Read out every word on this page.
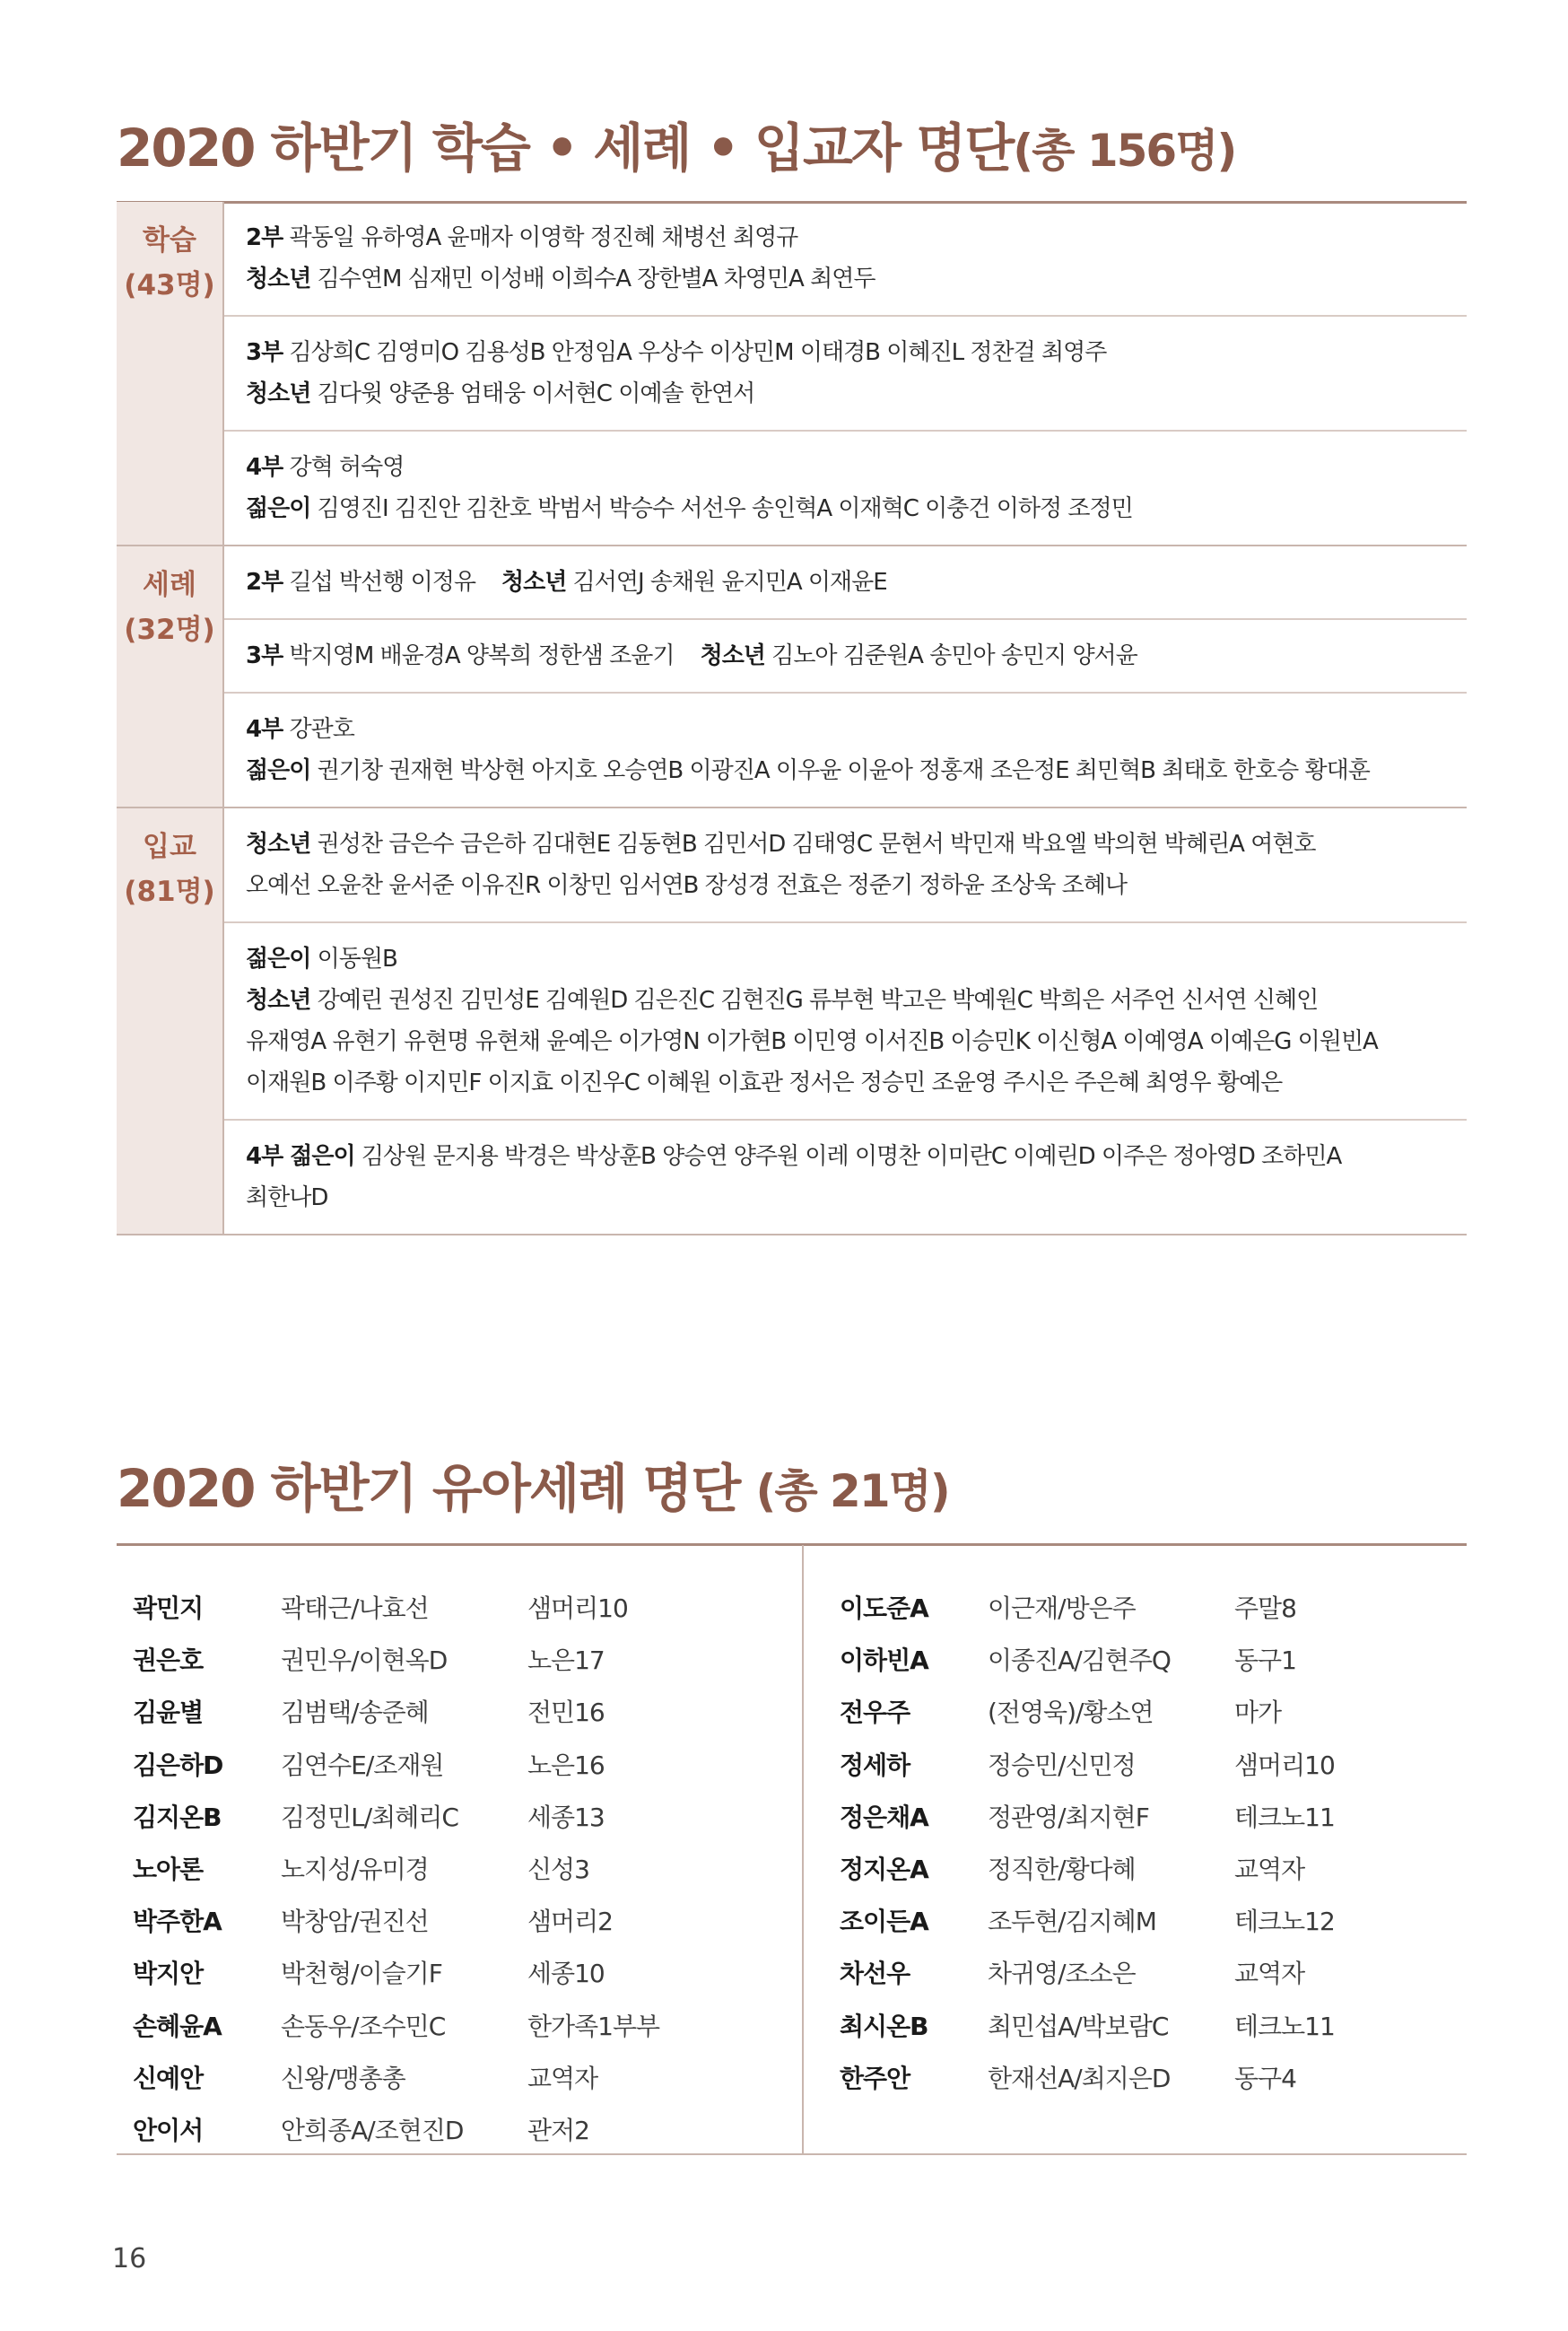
2020 하반기 학습 • 세례 • 입교자 명단(총 156명)
학습
(43명)
2부 곽동일 유하영A 윤매자 이영학 정진혜 채병선 최영규
청소년 김수연M 심재민 이성배 이희수A 장한별A 차영민A 최연두
3부 김상희C 김영미O 김용성B 안정임A 우상수 이상민M 이태경B 이혜진L 정찬걸 최영주
청소년 김다윗 양준용 엄태웅 이서현C 이예솔 한연서
4부 강혁 허숙영
젊은이 김영진I 김진안 김찬호 박범서 박승수 서선우 송인혁A 이재혁C 이충건 이하정 조정민
세례
(32명)
2부 길섭 박선행 이정유 청소년 김서연J 송채원 윤지민A 이재윤E
3부 박지영M 배윤경A 양복희 정한샘 조윤기 청소년 김노아 김준원A 송민아 송민지 양서윤
4부 강관호
젊은이 권기창 권재현 박상현 아지호 오승연B 이광진A 이우윤 이윤아 정홍재 조은정E 최민혁B 최태호 한호승 황대훈
입교
(81명)
청소년 권성찬 금은수 금은하 김대현E 김동현B 김민서D 김태영C 문현서 박민재 박요엘 박의현 박혜린A 여현호
오예선 오윤찬 윤서준 이유진R 이창민 임서연B 장성경 전효은 정준기 정하윤 조상욱 조혜나
젊은이 이동원B
청소년 강예린 권성진 김민성E 김예원D 김은진C 김현진G 류부현 박고은 박예원C 박희은 서주언 신서연 신혜인
유재영A 유현기 유현명 유현채 윤예은 이가영N 이가현B 이민영 이서진B 이승민K 이신형A 이예영A 이예은G 이원빈A
이재원B 이주황 이지민F 이지효 이진우C 이혜원 이효관 정서은 정승민 조윤영 주시은 주은혜 최영우 황예은
4부 젊은이 김상원 문지용 박경은 박상훈B 양승연 양주원 이레 이명찬 이미란C 이예린D 이주은 정아영D 조하민A
최한나D
2020 하반기 유아세례 명단 (총 21명)
곽민지	곽태근/나효선	샘머리10
권은호	권민우/이현옥D	노은17
김윤별	김범택/송준혜	전민16
김은하D	김연수E/조재원	노은16
김지온B	김정민L/최혜리C	세종13
노아론	노지성/유미경	신성3
박주한A	박창암/권진선	샘머리2
박지안	박천형/이슬기F	세종10
손혜윤A	손동우/조수민C	한가족1부부
신예안	신왕/맹총총	교역자
안이서	안희종A/조현진D	관저2
이도준A	이근재/방은주	주말8
이하빈A	이종진A/김현주Q	동구1
전우주	(전영욱)/황소연	마가
정세하	정승민/신민정	샘머리10
정은채A	정관영/최지현F	테크노11
정지온A	정직한/황다혜	교역자
조이든A	조두현/김지혜M	테크노12
차선우	차귀영/조소은	교역자
최시온B	최민섭A/박보람C	테크노11
한주안	한재선A/최지은D	동구4
16
